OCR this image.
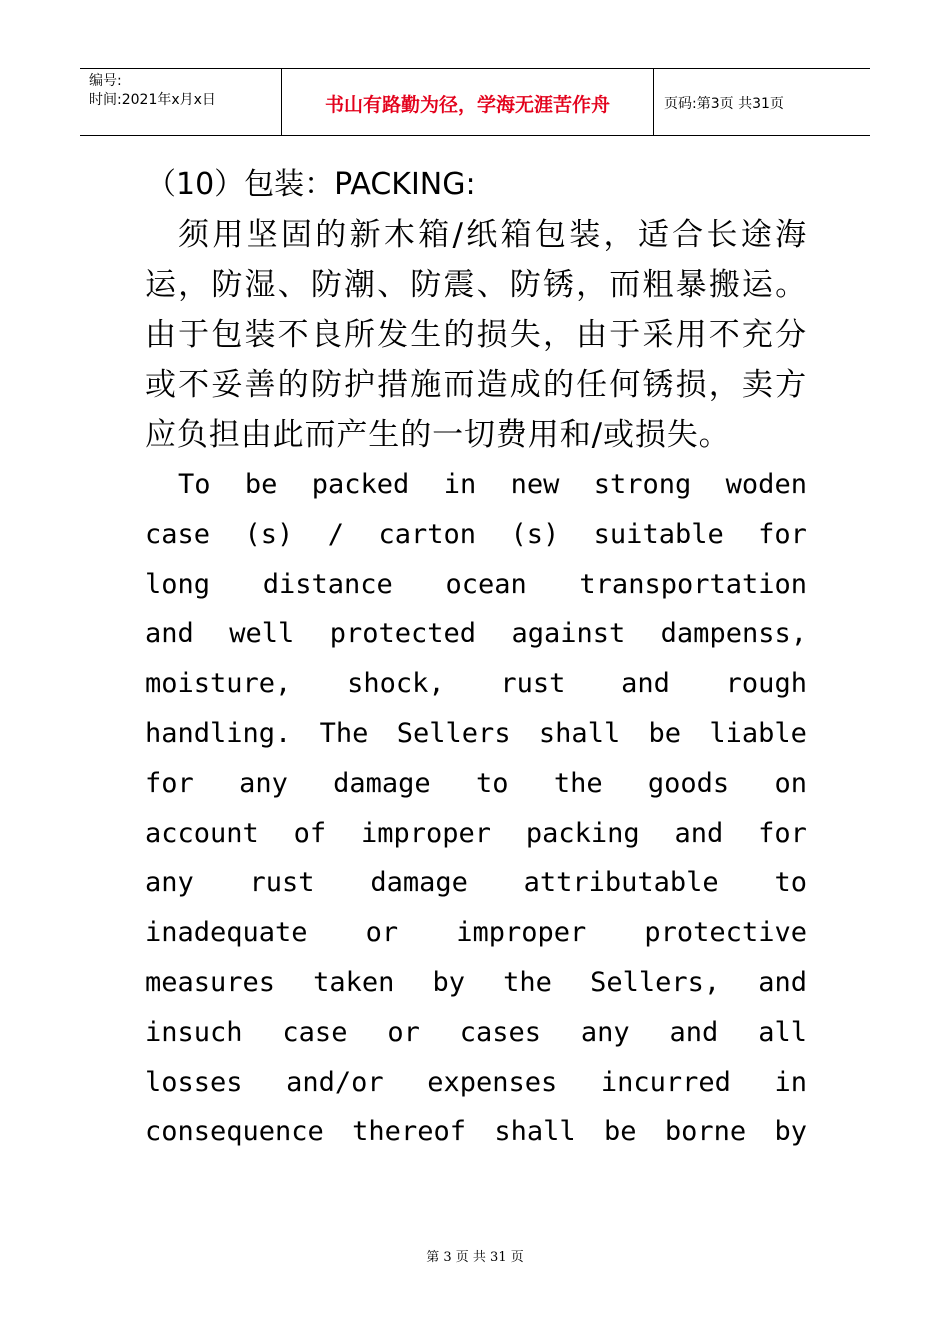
编号:
时间:2021年x月x日	书山有路勤为径，学海无涯苦作舟	页码:第3页 共31页
（10）包装：PACKING:

须用坚固的新木箱/纸箱包装，适合长途海运，防湿、防潮、防震、防锈，而粗暴搬运。由于包装不良所发生的损失，由于采用不充分或不妥善的防护措施而造成的任何锈损，卖方应负担由此而产生的一切费用和/或损失。

To be packed in new strong woden
case (s) / carton (s) suitable for
long distance ocean transportation
and well protected against dampenss,
moisture, shock, rust and rough
handling. The Sellers shall be liable
for any damage to the goods on
account of improper packing and for
any rust damage attributable to
inadequate or improper protective
measures taken by the Sellers, and
insuch case or cases any and all
losses and/or expenses incurred in
consequence thereof shall be borne by
第 3 页 共 31 页
